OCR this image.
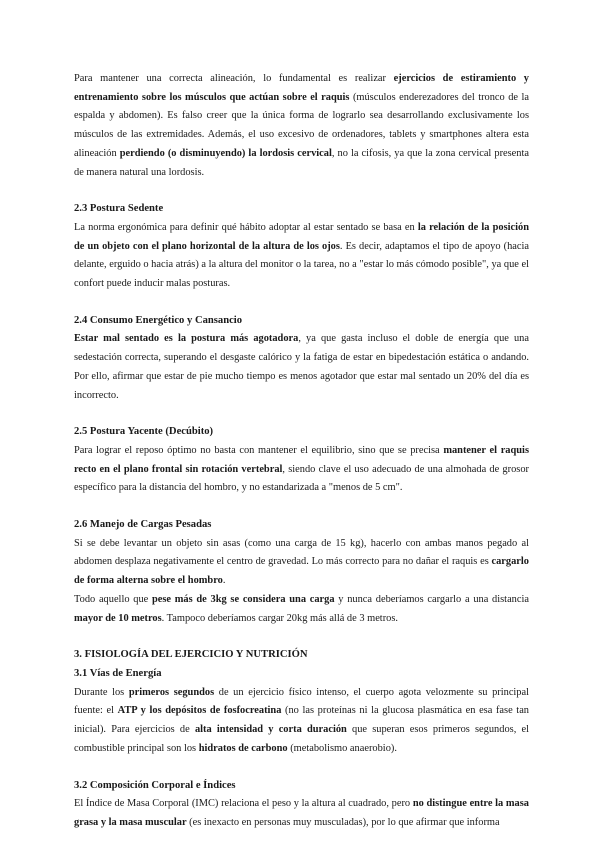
Para mantener una correcta alineación, lo fundamental es realizar ejercicios de estiramiento y entrenamiento sobre los músculos que actúan sobre el raquis (músculos enderezadores del tronco de la espalda y abdomen). Es falso creer que la única forma de lograrlo sea desarrollando exclusivamente los músculos de las extremidades. Además, el uso excesivo de ordenadores, tablets y smartphones altera esta alineación perdiendo (o disminuyendo) la lordosis cervical, no la cifosis, ya que la zona cervical presenta de manera natural una lordosis.

2.3 Postura Sedente

La norma ergonómica para definir qué hábito adoptar al estar sentado se basa en la relación de la posición de un objeto con el plano horizontal de la altura de los ojos. Es decir, adaptamos el tipo de apoyo (hacia delante, erguido o hacia atrás) a la altura del monitor o la tarea, no a "estar lo más cómodo posible", ya que el confort puede inducir malas posturas.

2.4 Consumo Energético y Cansancio

Estar mal sentado es la postura más agotadora, ya que gasta incluso el doble de energía que una sedestación correcta, superando el desgaste calórico y la fatiga de estar en bipedestación estática o andando. Por ello, afirmar que estar de pie mucho tiempo es menos agotador que estar mal sentado un 20% del día es incorrecto.

2.5 Postura Yacente (Decúbito)

Para lograr el reposo óptimo no basta con mantener el equilibrio, sino que se precisa mantener el raquis recto en el plano frontal sin rotación vertebral, siendo clave el uso adecuado de una almohada de grosor específico para la distancia del hombro, y no estandarizada a "menos de 5 cm".

2.6 Manejo de Cargas Pesadas

Si se debe levantar un objeto sin asas (como una carga de 15 kg), hacerlo con ambas manos pegado al abdomen desplaza negativamente el centro de gravedad. Lo más correcto para no dañar el raquis es cargarlo de forma alterna sobre el hombro.

Todo aquello que pese más de 3kg se considera una carga y nunca deberíamos cargarlo a una distancia mayor de 10 metros. Tampoco deberíamos cargar 20kg más allá de 3 metros.

3. FISIOLOGÍA DEL EJERCICIO Y NUTRICIÓN
3.1 Vías de Energía

Durante los primeros segundos de un ejercicio físico intenso, el cuerpo agota velozmente su principal fuente: el ATP y los depósitos de fosfocreatina (no las proteínas ni la glucosa plasmática en esa fase tan inicial). Para ejercicios de alta intensidad y corta duración que superan esos primeros segundos, el combustible principal son los hidratos de carbono (metabolismo anaerobio).

3.2 Composición Corporal e Índices

El Índice de Masa Corporal (IMC) relaciona el peso y la altura al cuadrado, pero no distingue entre la masa grasa y la masa muscular (es inexacto en personas muy musculadas), por lo que afirmar que informa
